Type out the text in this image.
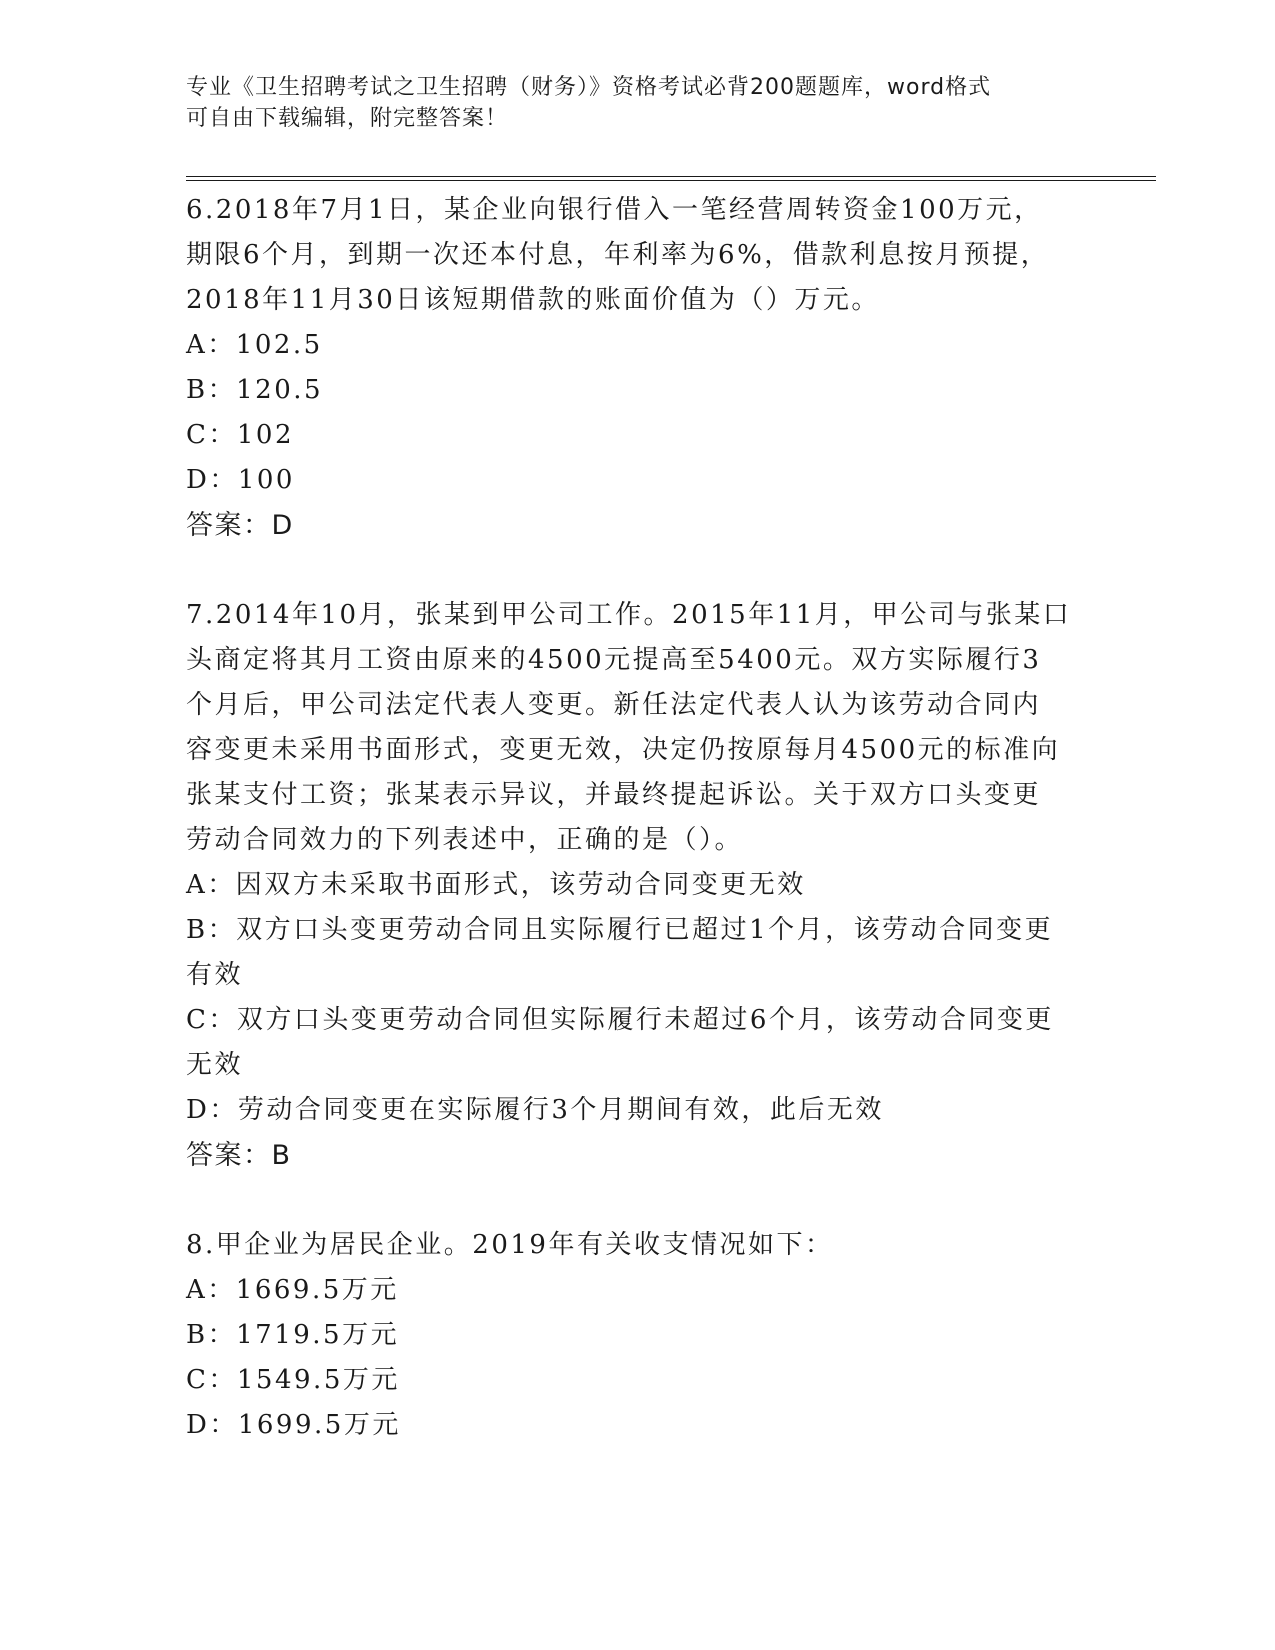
专业《卫生招聘考试之卫生招聘（财务）》资格考试必背200题题库，word格式

可自由下载编辑，附完整答案！

6.2018年7月1日，某企业向银行借入一笔经营周转资金100万元，

期限6个月，到期一次还本付息，年利率为6%，借款利息按月预提，

2018年11月30日该短期借款的账面价值为（）万元。

A：102.5

B：120.5

C：102

D：100

答案：D

7.2014年10月，张某到甲公司工作。2015年11月，甲公司与张某口

头商定将其月工资由原来的4500元提高至5400元。双方实际履行3

个月后，甲公司法定代表人变更。新任法定代表人认为该劳动合同内

容变更未采用书面形式，变更无效，决定仍按原每月4500元的标准向

张某支付工资；张某表示异议，并最终提起诉讼。关于双方口头变更

劳动合同效力的下列表述中，正确的是（）。

A：因双方未采取书面形式，该劳动合同变更无效

B：双方口头变更劳动合同且实际履行已超过1个月，该劳动合同变更

有效

C：双方口头变更劳动合同但实际履行未超过6个月，该劳动合同变更

无效

D：劳动合同变更在实际履行3个月期间有效，此后无效

答案：B

8.甲企业为居民企业。2019年有关收支情况如下：

A：1669.5万元

B：1719.5万元

C：1549.5万元

D：1699.5万元
